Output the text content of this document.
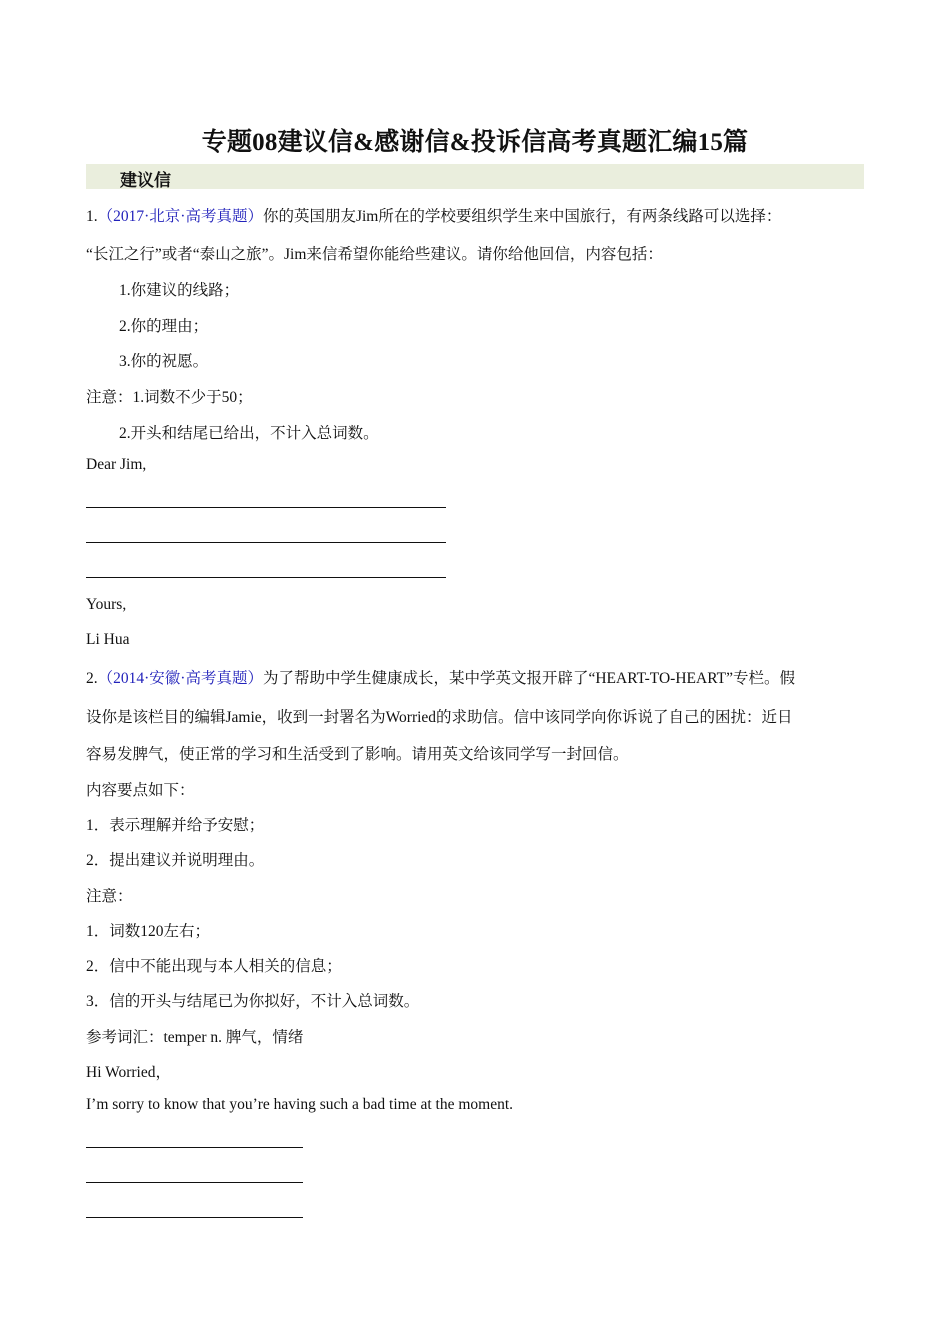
专题08建议信&感谢信&投诉信高考真题汇编15篇
建议信
1.（2017·北京·高考真题）你的英国朋友Jim所在的学校要组织学生来中国旅行，有两条线路可以选择：
“长江之行”或者“泰山之旅”。Jim来信希望你能给些建议。请你给他回信，内容包括：
1.你建议的线路；
2.你的理由；
3.你的祝愿。
注意：1.词数不少于50；
2.开头和结尾已给出，不计入总词数。
Dear Jim,
Yours,
Li Hua
2.（2014·安徽·高考真题）为了帮助中学生健康成长，某中学英文报开辟了“HEART-TO-HEART”专栏。假
设你是该栏目的编辑Jamie，收到一封署名为Worried的求助信。信中该同学向你诉说了自己的困扰：近日
容易发脾气，使正常的学习和生活受到了影响。请用英文给该同学写一封回信。
内容要点如下：
1．表示理解并给予安慰；
2．提出建议并说明理由。
注意：
1．词数120左右；
2．信中不能出现与本人相关的信息；
3．信的开头与结尾已为你拟好，不计入总词数。
参考词汇：temper n. 脾气，情绪
Hi Worried，
I’m sorry to know that you’re having such a bad time at the moment.
